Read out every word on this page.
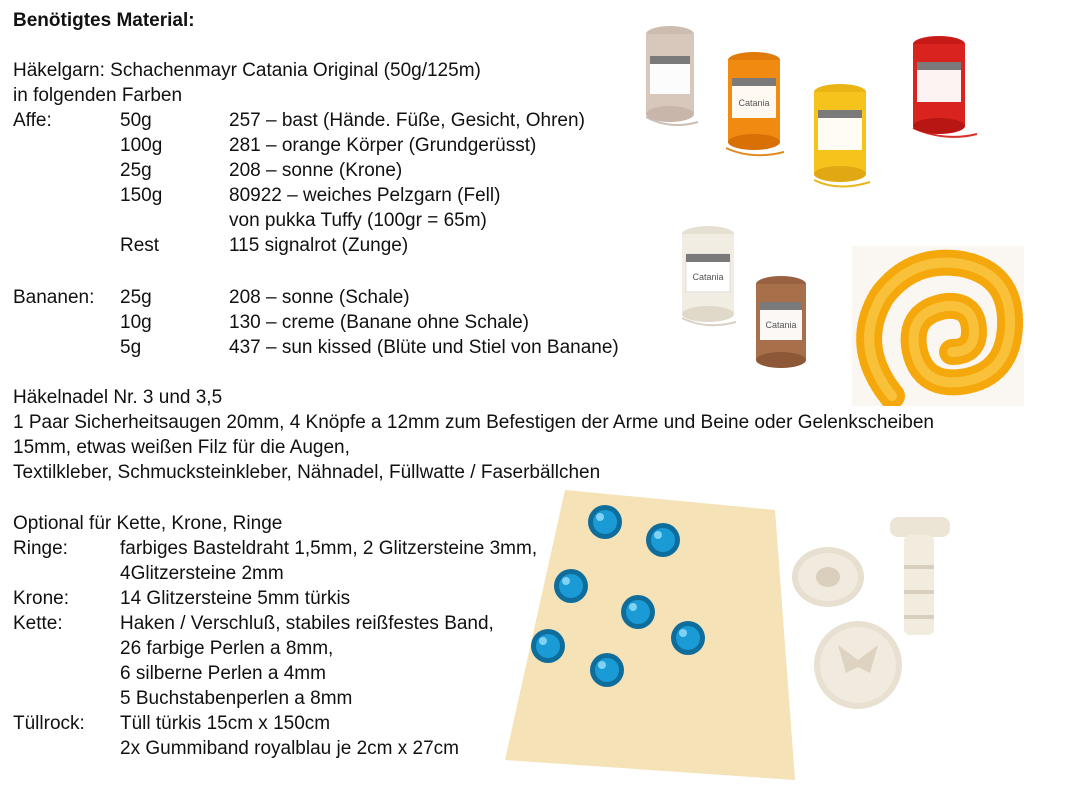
Benötigtes Material:
Häkelgarn: Schachenmayr Catania Original (50g/125m)
in folgenden Farben
Affe:	50g	257 – bast (Hände. Füße, Gesicht, Ohren)
100g	281 – orange Körper (Grundgerüsst)
25g	208 – sonne (Krone)
150g	80922 – weiches Pelzgarn (Fell)
von pukka Tuffy (100gr = 65m)
Rest	115 signalrot (Zunge)
Bananen: 25g	208 – sonne (Schale)
10g	130 – creme (Banane ohne Schale)
5g	437 – sun kissed (Blüte und Stiel von Banane)
Häkelnadel Nr. 3 und 3,5
1 Paar Sicherheitsaugen 20mm, 4 Knöpfe a 12mm zum Befestigen der Arme und Beine oder Gelenkscheiben
15mm, etwas weißen Filz für die Augen,
Textilkleber, Schmucksteinkleber, Nähnadel, Füllwatte / Faserbällchen
Optional für Kette, Krone, Ringe
Ringe:	farbiges Basteldraht 1,5mm, 2 Glitzersteine 3mm,
4Glitzersteine 2mm
Krone:	14 Glitzersteine 5mm türkis
Kette:	Haken / Verschluß, stabiles reißfestes Band,
26 farbige Perlen a 8mm,
6 silberne Perlen a 4mm
5 Buchstabenperlen a 8mm
Tüllrock: Tüll türkis 15cm x 150cm
2x Gummiband royalblau je 2cm x 27cm
Catania
Catania
Catania
